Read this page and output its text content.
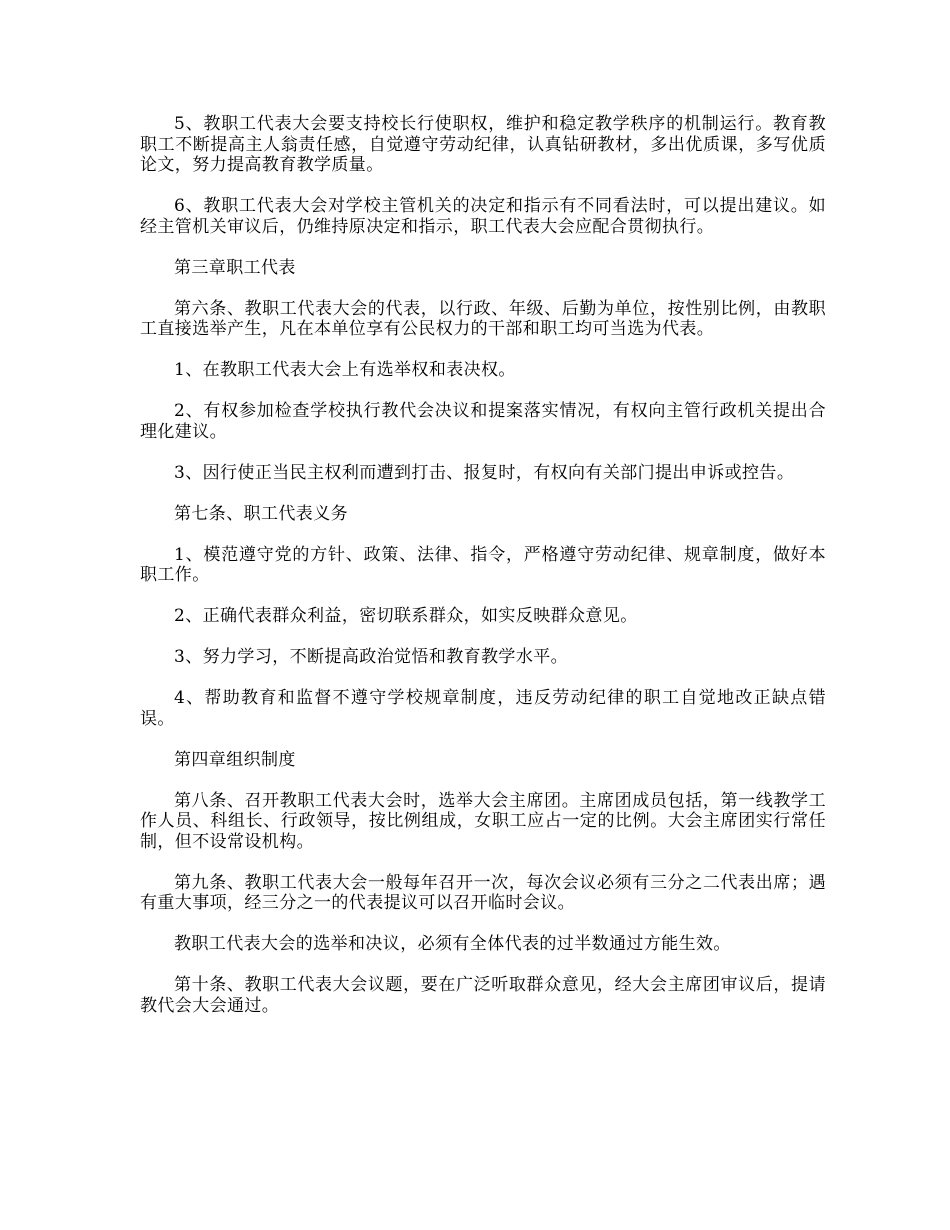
5、教职工代表大会要支持校长行使职权，维护和稳定教学秩序的机制运行。教育教职工不断提高主人翁责任感，自觉遵守劳动纪律，认真钻研教材，多出优质课，多写优质论文，努力提高教育教学质量。

6、教职工代表大会对学校主管机关的决定和指示有不同看法时，可以提出建议。如经主管机关审议后，仍维持原决定和指示，职工代表大会应配合贯彻执行。

第三章职工代表

第六条、教职工代表大会的代表，以行政、年级、后勤为单位，按性别比例，由教职工直接选举产生，凡在本单位享有公民权力的干部和职工均可当选为代表。

1、在教职工代表大会上有选举权和表决权。

2、有权参加检查学校执行教代会决议和提案落实情况，有权向主管行政机关提出合理化建议。

3、因行使正当民主权利而遭到打击、报复时，有权向有关部门提出申诉或控告。

第七条、职工代表义务

1、模范遵守党的方针、政策、法律、指令，严格遵守劳动纪律、规章制度，做好本职工作。

2、正确代表群众利益，密切联系群众，如实反映群众意见。

3、努力学习，不断提高政治觉悟和教育教学水平。

4、帮助教育和监督不遵守学校规章制度，违反劳动纪律的职工自觉地改正缺点错误。

第四章组织制度

第八条、召开教职工代表大会时，选举大会主席团。主席团成员包括，第一线教学工作人员、科组长、行政领导，按比例组成，女职工应占一定的比例。大会主席团实行常任制，但不设常设机构。

第九条、教职工代表大会一般每年召开一次，每次会议必须有三分之二代表出席；遇有重大事项，经三分之一的代表提议可以召开临时会议。

教职工代表大会的选举和决议，必须有全体代表的过半数通过方能生效。

第十条、教职工代表大会议题，要在广泛听取群众意见，经大会主席团审议后，提请教代会大会通过。
